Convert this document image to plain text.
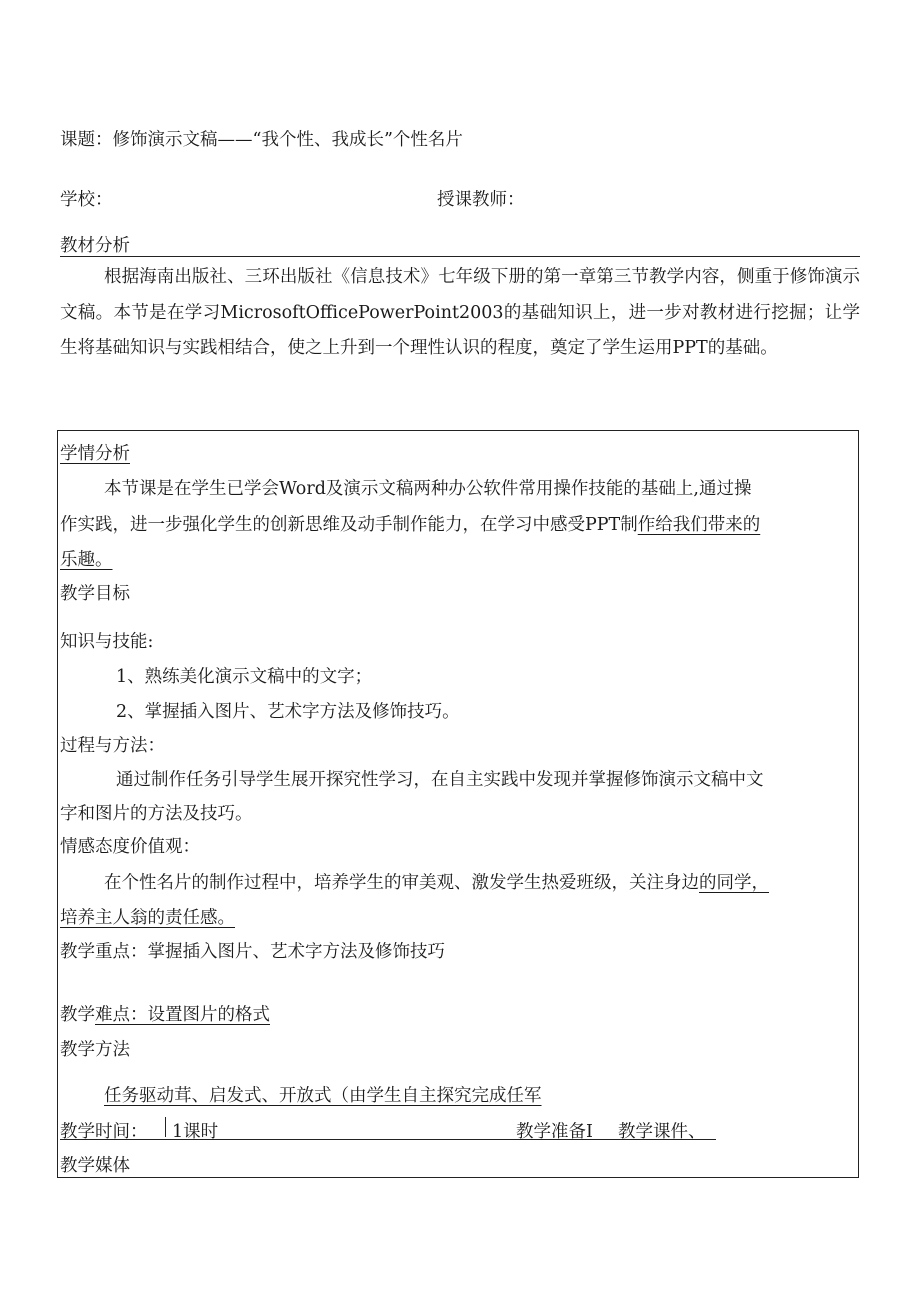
课题：修饰演示文稿——“我个性、我成长”个性名片
学校：	授课教师：
教材分析
根据海南出版社、三环出版社《信息技术》七年级下册的第一章第三节教学内容，侧重于修饰演示文稿。本节是在学习MicrosoftOfficePowerPoint2003的基础知识上，进一步对教材进行挖掘；让学生将基础知识与实践相结合，使之上升到一个理性认识的程度，奠定了学生运用PPT的基础。
学情分析
本节课是在学生已学会Word及演示文稿两种办公软件常用操作技能的基础上,通过操
作实践，进一步强化学生的创新思维及动手制作能力，在学习中感受PPT制作给我们带来的
乐趣。
教学目标
知识与技能:
1、熟练美化演示文稿中的文字；
2、掌握插入图片、艺术字方法及修饰技巧。
过程与方法：
通过制作任务引导学生展开探究性学习，在自主实践中发现并掌握修饰演示文稿中文
字和图片的方法及技巧。
情感态度价值观：
在个性名片的制作过程中，培养学生的审美观、激发学生热爱班级，关注身边的同学，
培养主人翁的责任感。
教学重点：掌握插入图片、艺术字方法及修饰技巧
教学难点：设置图片的格式
教学方法
任务驱动茸、启发式、开放式（由学生自主探究完成任军
教学时间： 1课时	教学准备I 教学课件、
教学媒体
